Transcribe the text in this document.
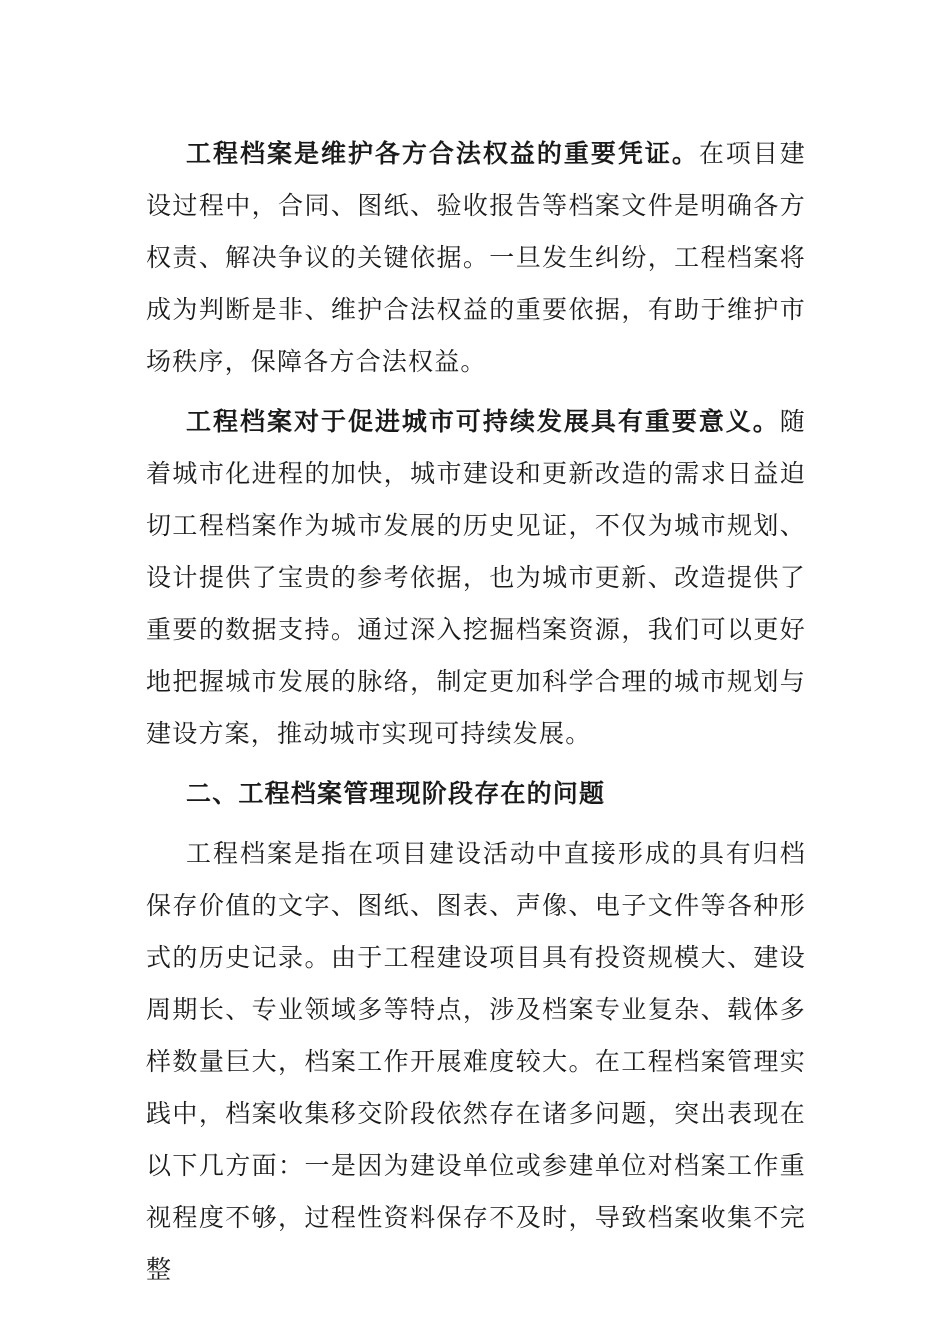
工程档案是维护各方合法权益的重要凭证。在项目建设过程中，合同、图纸、验收报告等档案文件是明确各方权责、解决争议的关键依据。一旦发生纠纷，工程档案将成为判断是非、维护合法权益的重要依据，有助于维护市场秩序，保障各方合法权益。

工程档案对于促进城市可持续发展具有重要意义。随着城市化进程的加快，城市建设和更新改造的需求日益迫切工程档案作为城市发展的历史见证，不仅为城市规划、设计提供了宝贵的参考依据，也为城市更新、改造提供了重要的数据支持。通过深入挖掘档案资源，我们可以更好地把握城市发展的脉络，制定更加科学合理的城市规划与建设方案，推动城市实现可持续发展。

二、工程档案管理现阶段存在的问题

工程档案是指在项目建设活动中直接形成的具有归档保存价值的文字、图纸、图表、声像、电子文件等各种形式的历史记录。由于工程建设项目具有投资规模大、建设周期长、专业领域多等特点，涉及档案专业复杂、载体多样数量巨大，档案工作开展难度较大。在工程档案管理实践中，档案收集移交阶段依然存在诸多问题，突出表现在以下几方面：一是因为建设单位或参建单位对档案工作重视程度不够，过程性资料保存不及时，导致档案收集不完整
